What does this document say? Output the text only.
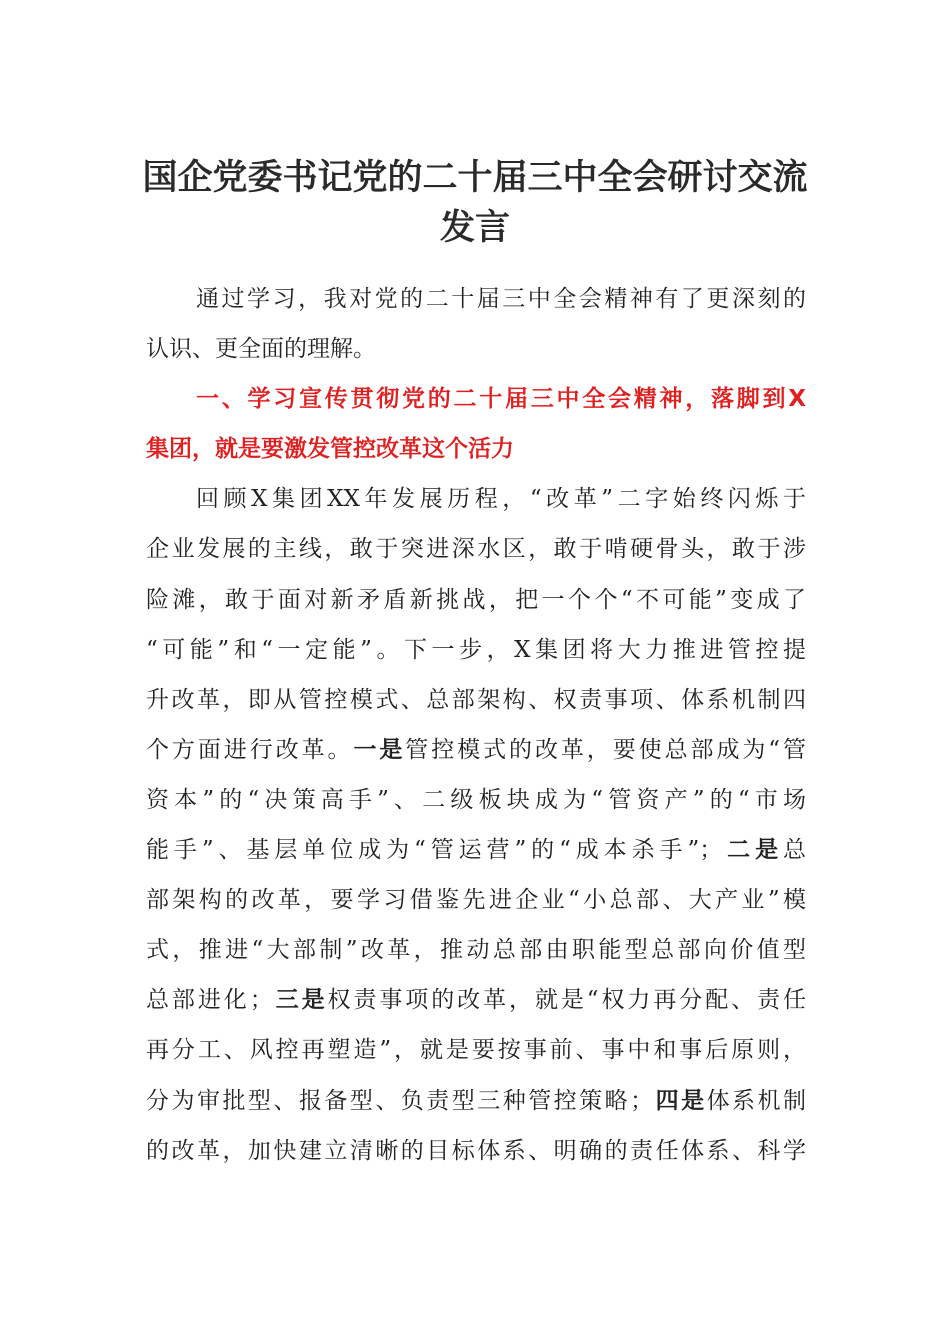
国企党委书记党的二十届三中全会研讨交流
发言
通过学习，我对党的二十届三中全会精神有了更深刻的
认识、更全面的理解。
一、学习宣传贯彻党的二十届三中全会精神，落脚到X
集团，就是要激发管控改革这个活力
回顾X集团XX年发展历程，“改革”二字始终闪烁于
企业发展的主线，敢于突进深水区，敢于啃硬骨头，敢于涉
险滩，敢于面对新矛盾新挑战，把一个个“不可能”变成了
“可能”和“一定能”。下一步，X集团将大力推进管控提
升改革，即从管控模式、总部架构、权责事项、体系机制四
个方面进行改革。一是管控模式的改革，要使总部成为“管
资本”的“决策高手”、二级板块成为“管资产”的“市场
能手”、基层单位成为“管运营”的“成本杀手”；二是总
部架构的改革，要学习借鉴先进企业“小总部、大产业”模
式，推进“大部制”改革，推动总部由职能型总部向价值型
总部进化；三是权责事项的改革，就是“权力再分配、责任
再分工、风控再塑造”，就是要按事前、事中和事后原则，
分为审批型、报备型、负责型三种管控策略；四是体系机制
的改革，加快建立清晰的目标体系、明确的责任体系、科学
